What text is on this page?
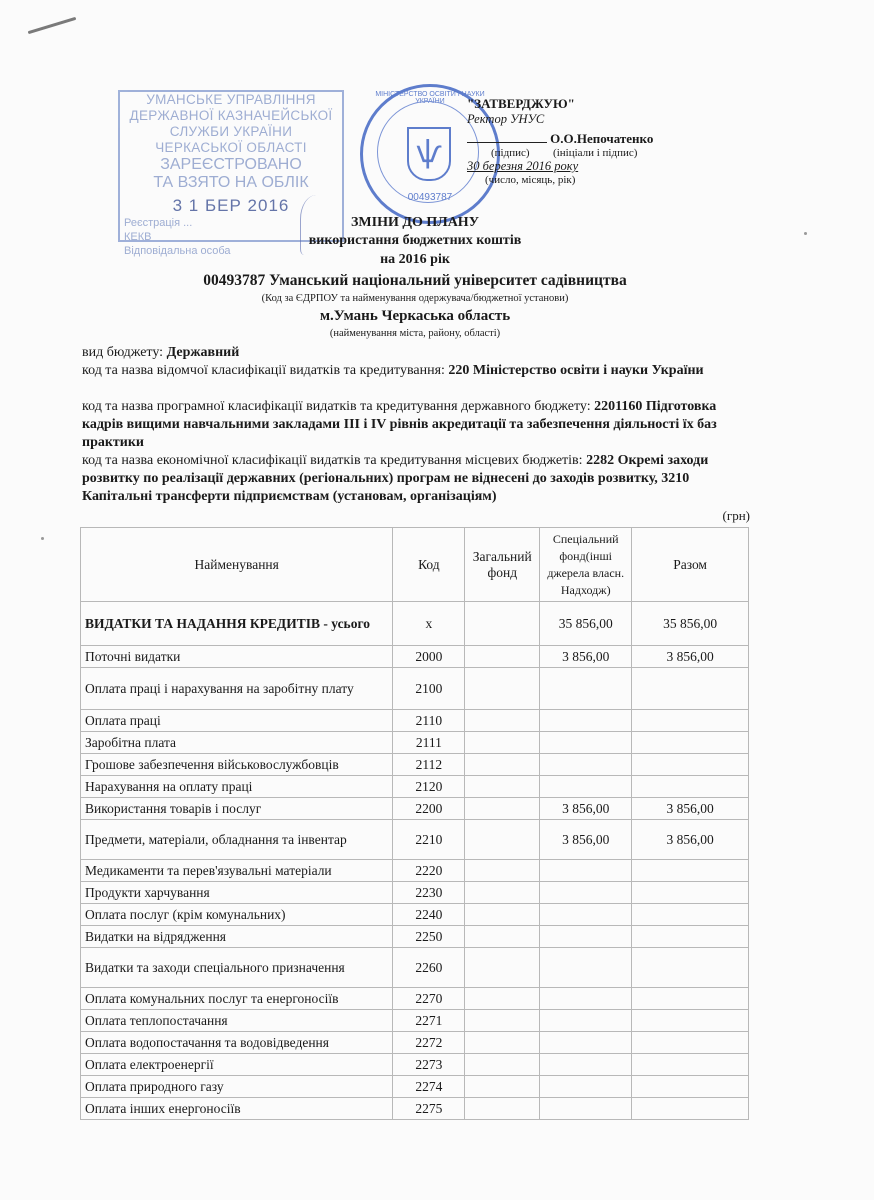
УМАНСЬКЕ УПРАВЛІННЯ
ДЕРЖАВНОЇ КАЗНАЧЕЙСЬКОЇ
СЛУЖБИ УКРАЇНИ
ЧЕРКАСЬКОЇ ОБЛАСТІ
ЗАРЕЄСТРОВАНО
ТА ВЗЯТО НА ОБЛІК
3 1 БЕР 2016
Реєстрація ...
КЕКВ
Відповідальна особа
МІНІСТЕРСТВО ОСВІТИ І НАУКИ УКРАЇНИ
ѱ
00493787
"ЗАТВЕРДЖУЮ"
Ректор УНУС
О.О.Непочатенко
(підпис) (ініціали і підпис)
30 березня 2016 року
(число, місяць, рік)
ЗМІНИ ДО ПЛАНУ
використання бюджетних коштів
на 2016 рік
00493787 Уманський національний університет садівництва
(Код за ЄДРПОУ та найменування одержувача/бюджетної установи)
м.Умань Черкаська область
(найменування міста, району, області)
вид бюджету: Державний
код та назва відомчої класифікації видатків та кредитування: 220 Міністерство освіти і науки України
код та назва програмної класифікації видатків та кредитування державного бюджету: 2201160 Підготовка кадрів вищими навчальними закладами III і IV рівнів акредитації та забезпечення діяльності їх баз практики
код та назва економічної класифікації видатків та кредитування місцевих бюджетів: 2282 Окремі заходи розвитку по реалізації державних (регіональних) програм не віднесені до заходів розвитку, 3210 Капітальні трансферти підприємствам (установам, організаціям)
(грн)
Найменування	Код	Загальний фонд	Спеціальний фонд(інші джерела власн. Надходж)	Разом
ВИДАТКИ ТА НАДАННЯ КРЕДИТІВ - усього	x		35 856,00	35 856,00
Поточні видатки	2000		3 856,00	3 856,00
Оплата праці і нарахування на заробітну плату	2100			
Оплата праці	2110			
Заробітна плата	2111			
Грошове забезпечення військовослужбовців	2112			
Нарахування на оплату праці	2120			
Використання товарів і послуг	2200		3 856,00	3 856,00
Предмети, матеріали, обладнання та інвентар	2210		3 856,00	3 856,00
Медикаменти та перев'язувальні матеріали	2220			
Продукти харчування	2230			
Оплата послуг (крім комунальних)	2240			
Видатки на відрядження	2250			
Видатки та заходи спеціального призначення	2260			
Оплата комунальних послуг та енергоносіїв	2270			
Оплата теплопостачання	2271			
Оплата водопостачання та водовідведення	2272			
Оплата електроенергії	2273			
Оплата природного газу	2274			
Оплата інших енергоносіїв	2275			
